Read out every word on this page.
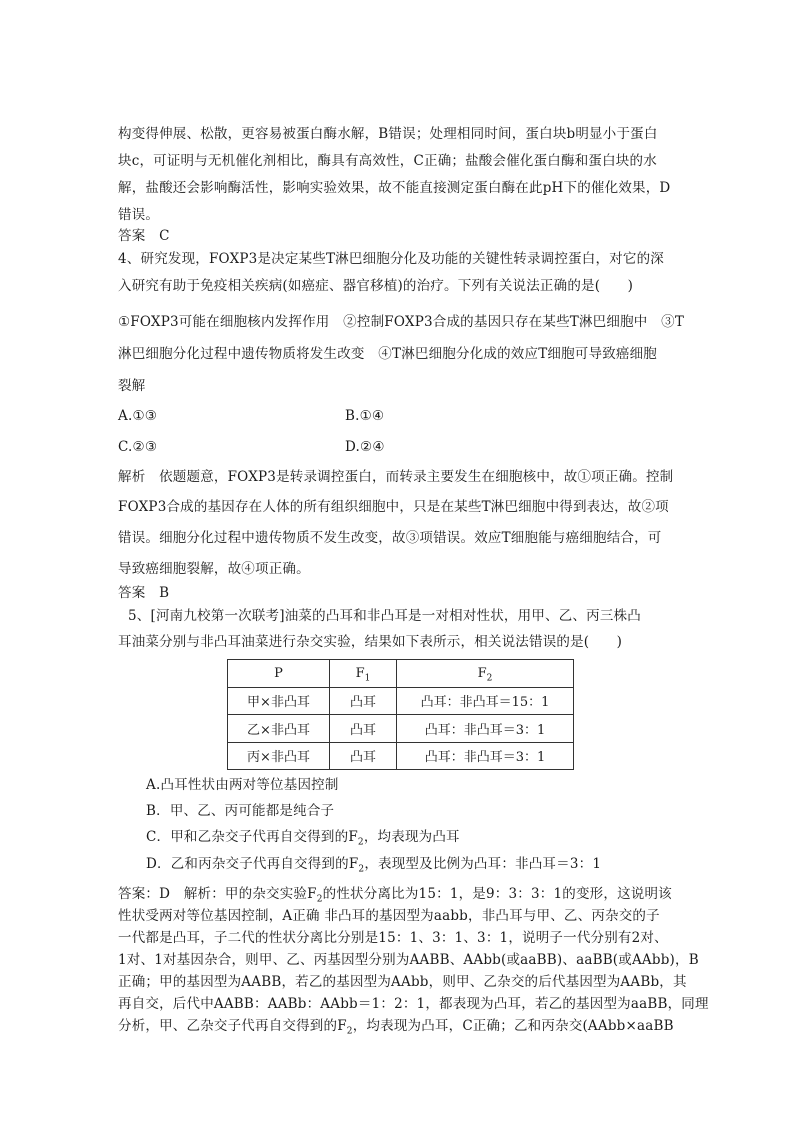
构变得伸展、松散，更容易被蛋白酶水解，B错误；处理相同时间，蛋白块b明显小于蛋白
块c，可证明与无机催化剂相比，酶具有高效性，C正确；盐酸会催化蛋白酶和蛋白块的水
解，盐酸还会影响酶活性，影响实验效果，故不能直接测定蛋白酶在此pH下的催化效果，D
错误。
答案　C
4、研究发现，FOXP3是决定某些T淋巴细胞分化及功能的关键性转录调控蛋白，对它的深
入研究有助于免疫相关疾病(如癌症、器官移植)的治疗。下列有关说法正确的是(　　)
①FOXP3可能在细胞核内发挥作用　②控制FOXP3合成的基因只存在某些T淋巴细胞中　③T
淋巴细胞分化过程中遗传物质将发生改变　④T淋巴细胞分化成的效应T细胞可导致癌细胞
裂解
A.①③	B.①④
C.②③	D.②④
解析　依题题意，FOXP3是转录调控蛋白，而转录主要发生在细胞核中，故①项正确。控制
FOXP3合成的基因存在人体的所有组织细胞中，只是在某些T淋巴细胞中得到表达，故②项
错误。细胞分化过程中遗传物质不发生改变，故③项错误。效应T细胞能与癌细胞结合，可
导致癌细胞裂解，故④项正确。
答案　B
5、[河南九校第一次联考]油菜的凸耳和非凸耳是一对相对性状，用甲、乙、丙三株凸
耳油菜分别与非凸耳油菜进行杂交实验，结果如下表所示，相关说法错误的是(　　)
P	$F_1$	$F_2$
甲×非凸耳	凸耳	凸耳：非凸耳＝15：1
乙×非凸耳	凸耳	凸耳：非凸耳＝3：1
丙×非凸耳	凸耳	凸耳：非凸耳＝3：1
A.凸耳性状由两对等位基因控制
B．甲、乙、丙可能都是纯合子
C．甲和乙杂交子代再自交得到的$F_2$，均表现为凸耳
D．乙和丙杂交子代再自交得到的$F_2$，表现型及比例为凸耳：非凸耳＝3：1
答案：D　解析：甲的杂交实验$F_2$的性状分离比为15：1，是9：3：3：1的变形，这说明该
性状受两对等位基因控制，A正确 非凸耳的基因型为aabb，非凸耳与甲、乙、丙杂交的子
一代都是凸耳，子二代的性状分离比分别是15：1、3：1、3：1，说明子一代分别有2对、
1对、1对基因杂合，则甲、乙、丙基因型分别为AABB、AAbb(或aaBB)、aaBB(或AAbb)，B
正确；甲的基因型为AABB，若乙的基因型为AAbb，则甲、乙杂交的后代基因型为AABb，其
再自交，后代中AABB：AABb：AAbb＝1：2：1，都表现为凸耳，若乙的基因型为aaBB，同理
分析，甲、乙杂交子代再自交得到的$F_2$，均表现为凸耳，C正确；乙和丙杂交(AAbb×aaBB
